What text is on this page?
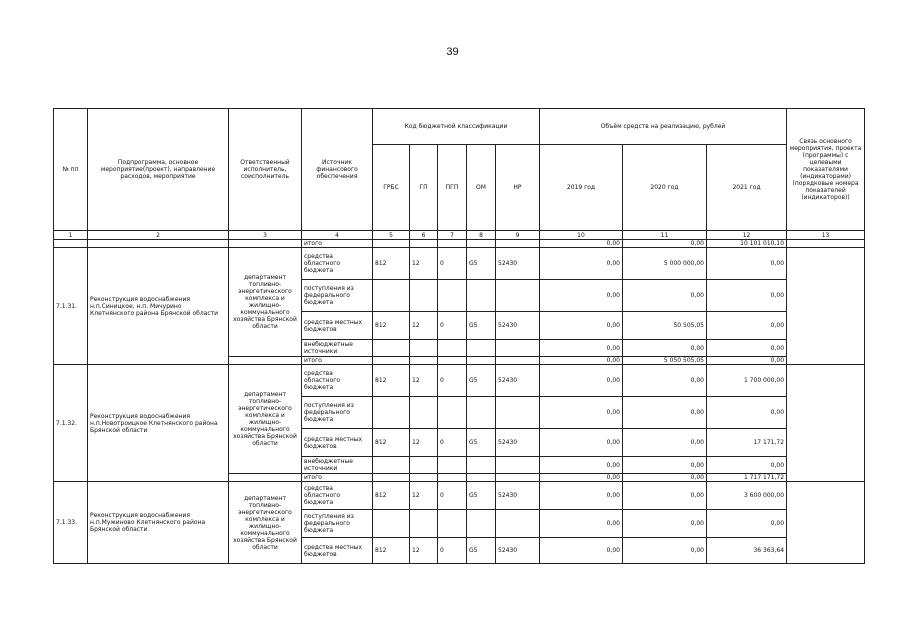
39
№ пп	Подпрограмма, основное мероприятие(проект), направление расходов, мероприятие	Ответственный исполнитель, соисполнитель	Источник финансового обеспечения	Код бюджетной классификации					Объём средств на реализацию, рублей			Связь основного мероприятия, проекта (программы) с целевыми показателями (индикаторами) (порядковые номера показателей (индикаторов))
				ГРБС	ГП	ПГП	ОМ	НР	2019 год	2020 год	2021 год	
1	2	3	4	5	6	7	8	9	10	11	12	13
			итого						0,00	0,00	10 101 010,10	
7.1.31.	Реконструкция водоснабжения н.п.Синицкое, н.п. Мичурино Клетнянского района Брянской области	департамент топливно-энергетического комплекса и жилищно-коммунального хозяйства Брянской области	средства областного бюджета	812	12	0	G5	52430	0,00	5 000 000,00	0,00	
			поступления из федерального бюджета						0,00	0,00	0,00	
			средства местных бюджетов	812	12	0	G5	52430	0,00	50 505,05	0,00	
			внебюджетные источники						0,00	0,00	0,00	
			итого						0,00	5 050 505,05	0,00	
7.1.32.	Реконструкция водоснабжения н.п.Новотроицкое Клетнянского района Брянской области	департамент топливно-энергетического комплекса и жилищно-коммунального хозяйства Брянской области	средства областного бюджета	812	12	0	G5	52430	0,00	0,00	1 700 000,00	
			поступления из федерального бюджета						0,00	0,00	0,00	
			средства местных бюджетов	812	12	0	G5	52430	0,00	0,00	17 171,72	
			внебюджетные источники						0,00	0,00	0,00	
			итого						0,00	0,00	1 717 171,72	
7.1.33.	Реконструкция водоснабжения н.п.Мужиново Клетнянского района Брянской области	департамент топливно-энергетического комплекса и жилищно-коммунального хозяйства Брянской области	средства областного бюджета	812	12	0	G5	52430	0,00	0,00	3 600 000,00	
			поступления из федерального бюджета						0,00	0,00	0,00	
			средства местных бюджетов	812	12	0	G5	52430	0,00	0,00	36 363,64	
